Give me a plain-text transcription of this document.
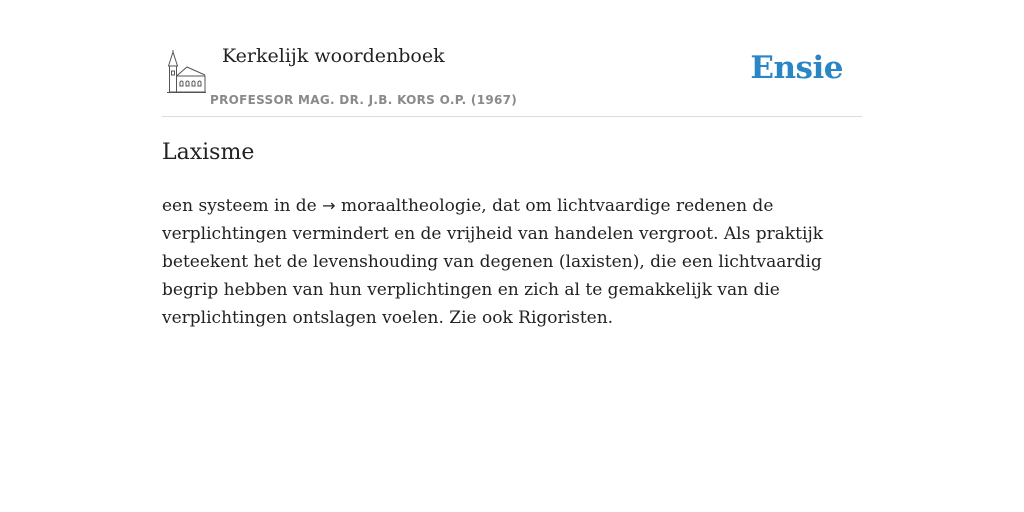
Kerkelijk woordenboek
PROFESSOR MAG. DR. J.B. KORS O.P. (1967)
Ensie
Laxisme

een systeem in de → moraaltheologie, dat om lichtvaardige redenen de verplichtingen vermindert en de vrijheid van handelen vergroot. Als praktijk beteekent het de levenshouding van degenen (laxisten), die een lichtvaardig begrip hebben van hun verplichtingen en zich al te gemakkelijk van die verplichtingen ontslagen voelen. Zie ook Rigoristen.
